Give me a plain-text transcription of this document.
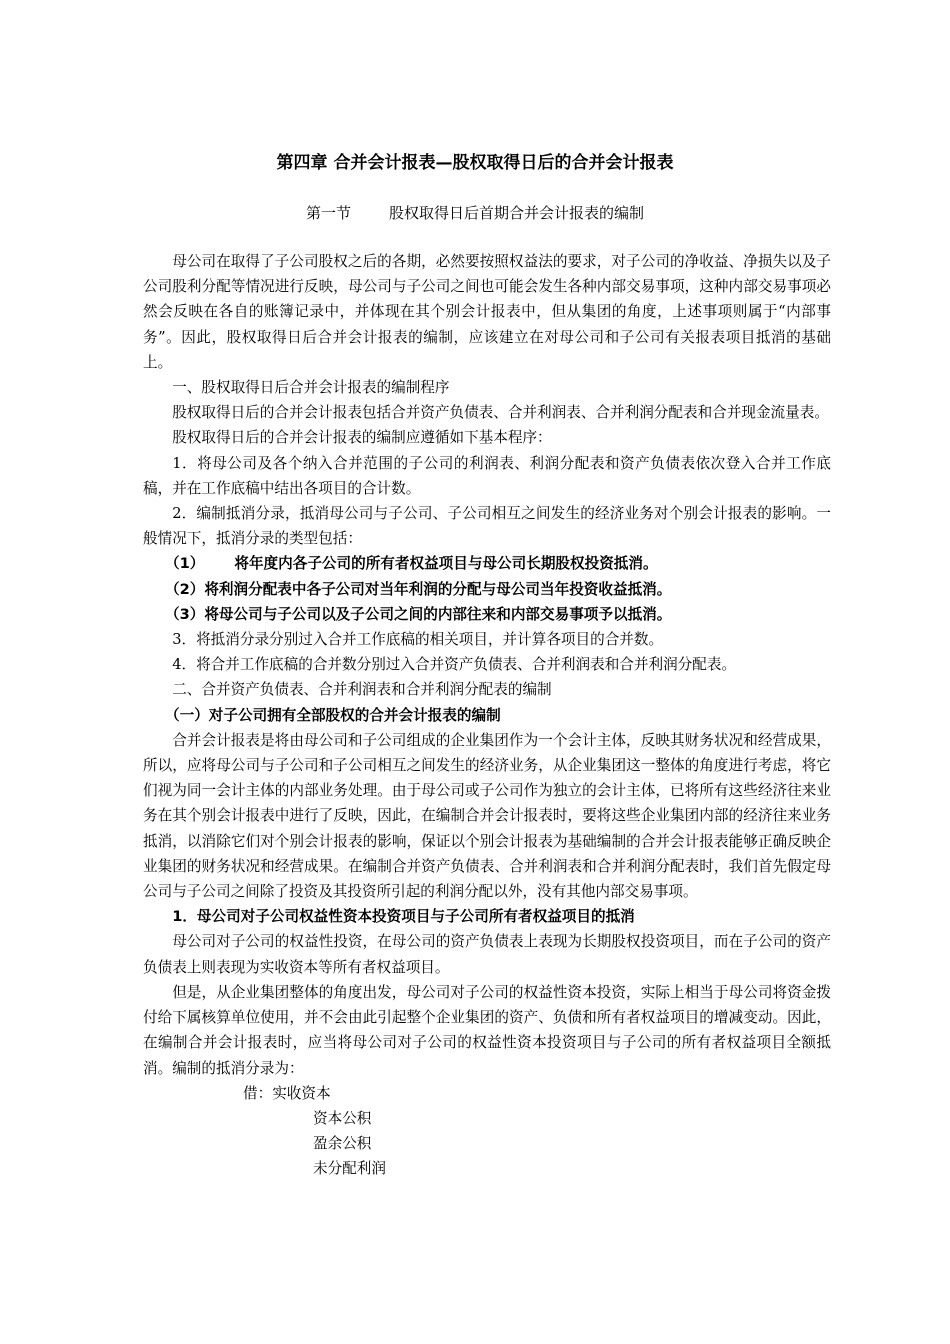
第四章 合并会计报表—股权取得日后的合并会计报表
第一节	股权取得日后首期合并会计报表的编制

母公司在取得了子公司股权之后的各期，必然要按照权益法的要求，对子公司的净收益、净损失以及子公司股利分配等情况进行反映，母公司与子公司之间也可能会发生各种内部交易事项，这种内部交易事项必然会反映在各自的账簿记录中，并体现在其个别会计报表中，但从集团的角度，上述事项则属于“内部事务”。因此，股权取得日后合并会计报表的编制，应该建立在对母公司和子公司有关报表项目抵消的基础上。

一、股权取得日后合并会计报表的编制程序

股权取得日后的合并会计报表包括合并资产负债表、合并利润表、合并利润分配表和合并现金流量表。

股权取得日后的合并会计报表的编制应遵循如下基本程序：

1．将母公司及各个纳入合并范围的子公司的利润表、利润分配表和资产负债表依次登入合并工作底稿，并在工作底稿中结出各项目的合计数。

2．编制抵消分录，抵消母公司与子公司、子公司相互之间发生的经济业务对个别会计报表的影响。一般情况下，抵消分录的类型包括：

（1） 将年度内各子公司的所有者权益项目与母公司长期股权投资抵消。

（2）将利润分配表中各子公司对当年利润的分配与母公司当年投资收益抵消。

（3）将母公司与子公司以及子公司之间的内部往来和内部交易事项予以抵消。

3．将抵消分录分别过入合并工作底稿的相关项目，并计算各项目的合并数。

4．将合并工作底稿的合并数分别过入合并资产负债表、合并利润表和合并利润分配表。

二、合并资产负债表、合并利润表和合并利润分配表的编制

（一）对子公司拥有全部股权的合并会计报表的编制

合并会计报表是将由母公司和子公司组成的企业集团作为一个会计主体，反映其财务状况和经营成果，所以，应将母公司与子公司和子公司相互之间发生的经济业务，从企业集团这一整体的角度进行考虑，将它们视为同一会计主体的内部业务处理。由于母公司或子公司作为独立的会计主体，已将所有这些经济往来业务在其个别会计报表中进行了反映，因此，在编制合并会计报表时，要将这些企业集团内部的经济往来业务抵消，以消除它们对个别会计报表的影响，保证以个别会计报表为基础编制的合并会计报表能够正确反映企业集团的财务状况和经营成果。在编制合并资产负债表、合并利润表和合并利润分配表时，我们首先假定母公司与子公司之间除了投资及其投资所引起的利润分配以外，没有其他内部交易事项。

1．母公司对子公司权益性资本投资项目与子公司所有者权益项目的抵消

母公司对子公司的权益性投资，在母公司的资产负债表上表现为长期股权投资项目，而在子公司的资产负债表上则表现为实收资本等所有者权益项目。

但是，从企业集团整体的角度出发，母公司对子公司的权益性资本投资，实际上相当于母公司将资金拨付给下属核算单位使用，并不会由此引起整个企业集团的资产、负债和所有者权益项目的增减变动。因此，在编制合并会计报表时，应当将母公司对子公司的权益性资本投资项目与子公司的所有者权益项目全额抵消。编制的抵消分录为：

借：实收资本

资本公积

盈余公积

未分配利润
